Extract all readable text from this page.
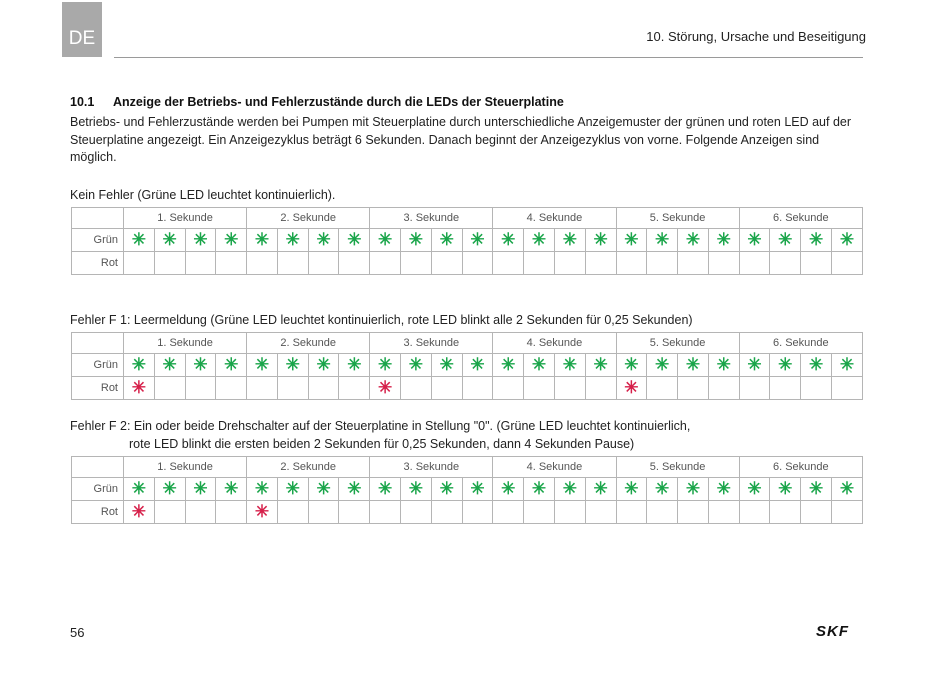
DE	10. Störung, Ursache und Beseitigung
10.1 Anzeige der Betriebs- und Fehlerzustände durch die LEDs der Steuerplatine
Betriebs- und Fehlerzustände werden bei Pumpen mit Steuerplatine durch unterschiedliche Anzeigemuster der grünen und roten LED auf der Steuerplatine angezeigt. Ein Anzeigezyklus beträgt 6 Sekunden. Danach beginnt der Anzeigezyklus von vorne. Folgende Anzeigen sind möglich.
Kein Fehler (Grüne LED leuchtet kontinuierlich).
	1. Sekunde				2. Sekunde				3. Sekunde				4. Sekunde				5. Sekunde				6. Sekunde			
Grün	✳	✳	✳	✳	✳	✳	✳	✳	✳	✳	✳	✳	✳	✳	✳	✳	✳	✳	✳	✳	✳	✳	✳	✳
Rot																								
Fehler F 1: Leermeldung (Grüne LED leuchtet kontinuierlich, rote LED blinkt alle 2 Sekunden für 0,25 Sekunden)
	1. Sekunde				2. Sekunde				3. Sekunde				4. Sekunde				5. Sekunde				6. Sekunde			
Grün	✳	✳	✳	✳	✳	✳	✳	✳	✳	✳	✳	✳	✳	✳	✳	✳	✳	✳	✳	✳	✳	✳	✳	✳
Rot	✳								✳								✳							
Fehler F 2: Ein oder beide Drehschalter auf der Steuerplatine in Stellung "0". (Grüne LED leuchtet kontinuierlich,
rote LED blinkt die ersten beiden 2 Sekunden für 0,25 Sekunden, dann 4 Sekunden Pause)
	1. Sekunde				2. Sekunde				3. Sekunde				4. Sekunde				5. Sekunde				6. Sekunde			
Grün	✳	✳	✳	✳	✳	✳	✳	✳	✳	✳	✳	✳	✳	✳	✳	✳	✳	✳	✳	✳	✳	✳	✳	✳
Rot	✳				✳																			
56	SKF
